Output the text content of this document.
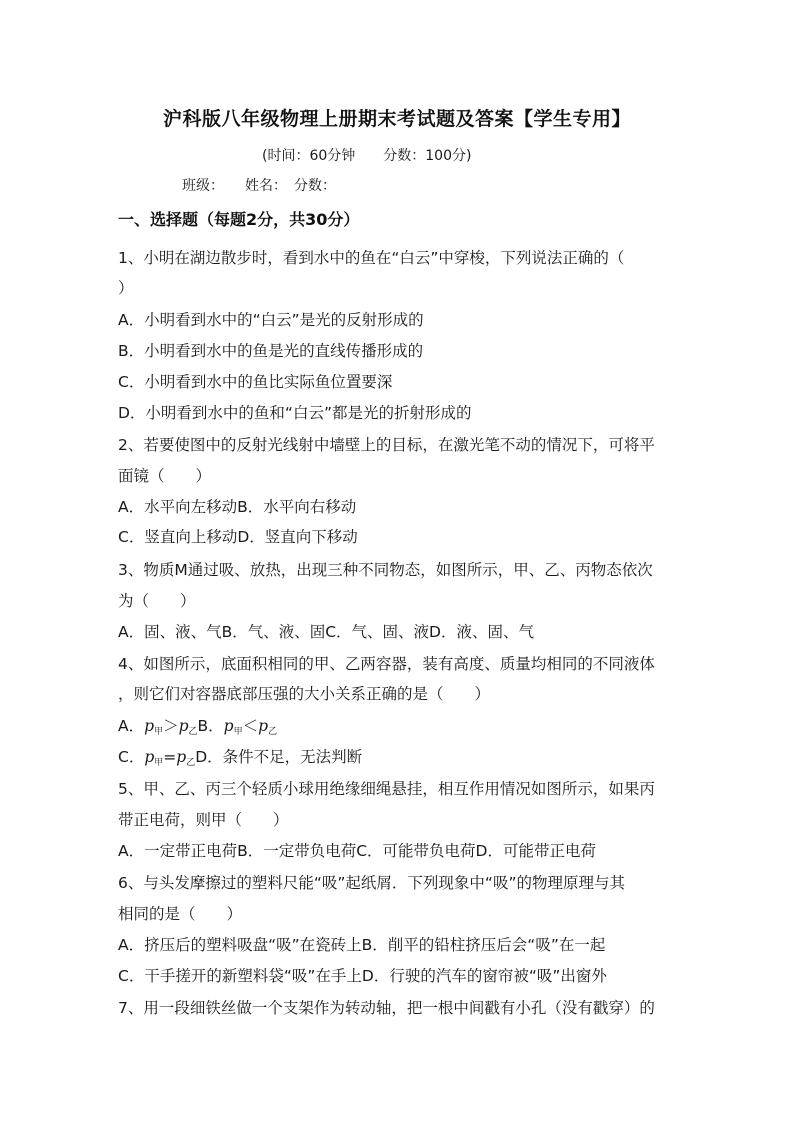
沪科版八年级物理上册期末考试题及答案【学生专用】
(时间：60分钟　　分数：100分)
班级：　　姓名：　分数：
一、选择题（每题2分，共30分）
1、小明在湖边散步时，看到水中的鱼在“白云”中穿梭，下列说法正确的（
）
A．小明看到水中的“白云”是光的反射形成的
B．小明看到水中的鱼是光的直线传播形成的
C．小明看到水中的鱼比实际鱼位置要深
D．小明看到水中的鱼和“白云”都是光的折射形成的
2、若要使图中的反射光线射中墙壁上的目标，在激光笔不动的情况下，可将平
面镜（　　）
A．水平向左移动B．水平向右移动
C．竖直向上移动D．竖直向下移动
3、物质M通过吸、放热，出现三种不同物态，如图所示，甲、乙、丙物态依次
为（　　）
A．固、液、气B．气、液、固C．气、固、液D．液、固、气
4、如图所示，底面积相同的甲、乙两容器，装有高度、质量均相同的不同液体
，则它们对容器底部压强的大小关系正确的是（　　）
A．p甲＞p乙B．p甲＜p乙
C．p甲=p乙D．条件不足，无法判断
5、甲、乙、丙三个轻质小球用绝缘细绳悬挂，相互作用情况如图所示，如果丙
带正电荷，则甲（　　）
A．一定带正电荷B．一定带负电荷C．可能带负电荷D．可能带正电荷
6、与头发摩擦过的塑料尺能“吸”起纸屑．下列现象中“吸”的物理原理与其
相同的是（　　）
A．挤压后的塑料吸盘“吸”在瓷砖上B．削平的铅柱挤压后会“吸”在一起
C．干手搓开的新塑料袋“吸”在手上D．行驶的汽车的窗帘被“吸”出窗外
7、用一段细铁丝做一个支架作为转动轴，把一根中间戳有小孔（没有戳穿）的
